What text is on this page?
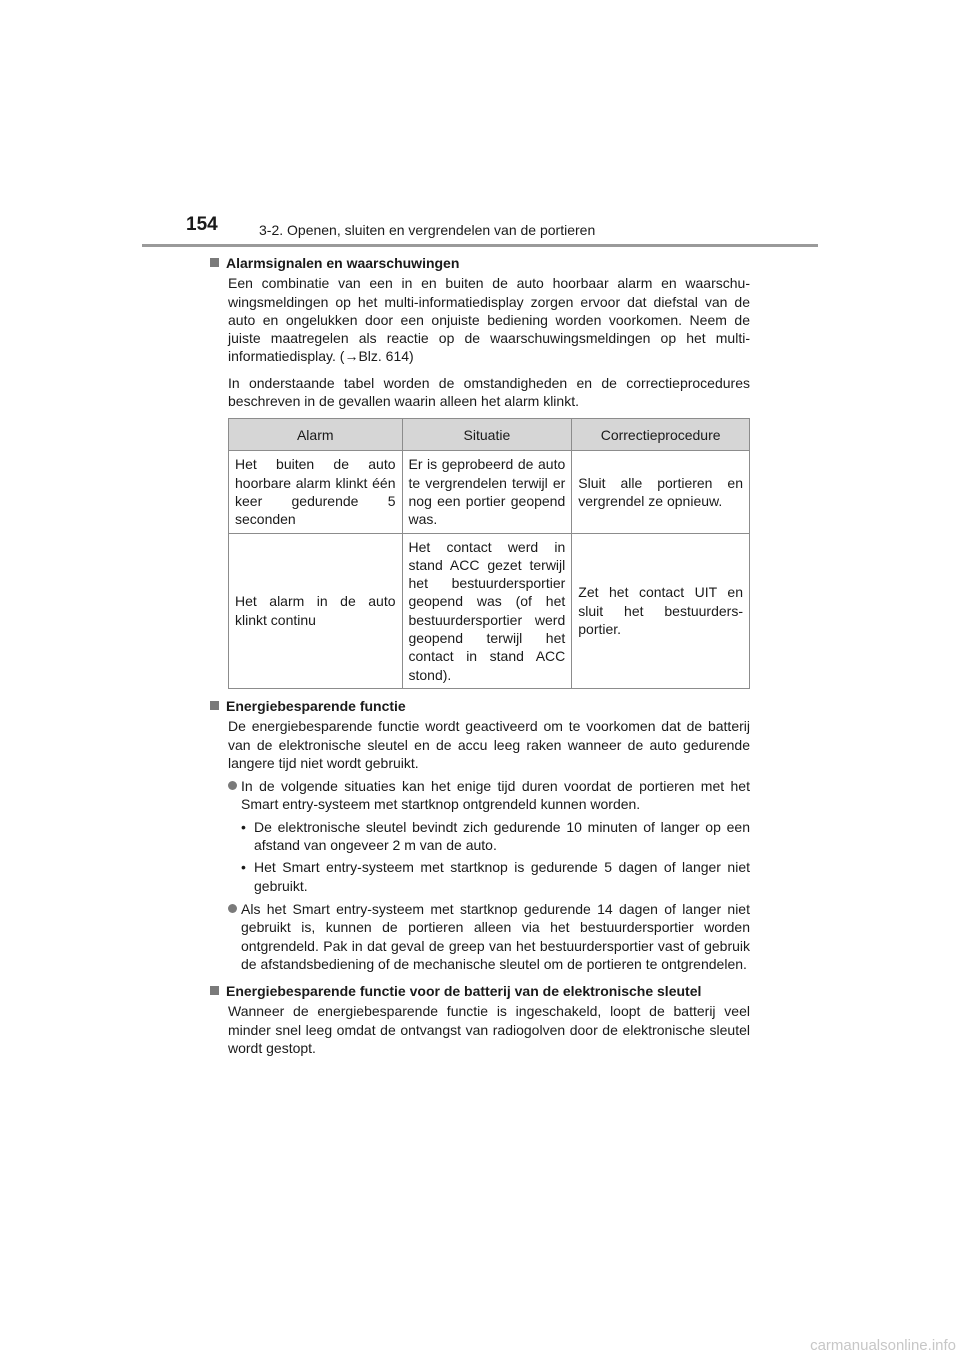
154	3-2. Openen, sluiten en vergrendelen van de portieren

Alarmsignalen en waarschuwingen

Een combinatie van een in en buiten de auto hoorbaar alarm en waarschuwingsmeldingen op het multi-informatiedisplay zorgen ervoor dat diefstal van de auto en ongelukken door een onjuiste bediening worden voorkomen. Neem de juiste maatregelen als reactie op de waarschuwingsmeldingen op het multi-informatiedisplay. (→Blz. 614)

In onderstaande tabel worden de omstandigheden en de correctieprocedures beschreven in de gevallen waarin alleen het alarm klinkt.

Alarm	Situatie	Correctieprocedure
Het buiten de auto hoorbare alarm klinkt één keer gedurende 5 seconden	Er is geprobeerd de auto te vergrendelen terwijl er nog een portier geopend was.	Sluit alle portieren en vergrendel ze opnieuw.
Het alarm in de auto klinkt continu	Het contact werd in stand ACC gezet terwijl het bestuurdersportier geopend was (of het bestuurdersportier werd geopend terwijl het contact in stand ACC stond).	Zet het contact UIT en sluit het bestuurdersportier.

Energiebesparende functie

De energiebesparende functie wordt geactiveerd om te voorkomen dat de batterij van de elektronische sleutel en de accu leeg raken wanneer de auto gedurende langere tijd niet wordt gebruikt.

In de volgende situaties kan het enige tijd duren voordat de portieren met het Smart entry-systeem met startknop ontgrendeld kunnen worden.
• De elektronische sleutel bevindt zich gedurende 10 minuten of langer op een afstand van ongeveer 2 m van de auto.
• Het Smart entry-systeem met startknop is gedurende 5 dagen of langer niet gebruikt.
Als het Smart entry-systeem met startknop gedurende 14 dagen of langer niet gebruikt is, kunnen de portieren alleen via het bestuurdersportier worden ontgrendeld. Pak in dat geval de greep van het bestuurdersportier vast of gebruik de afstandsbediening of de mechanische sleutel om de portieren te ontgrendelen.

Energiebesparende functie voor de batterij van de elektronische sleutel

Wanneer de energiebesparende functie is ingeschakeld, loopt de batterij veel minder snel leeg omdat de ontvangst van radiogolven door de elektronische sleutel wordt gestopt.

carmanualsonline.info
